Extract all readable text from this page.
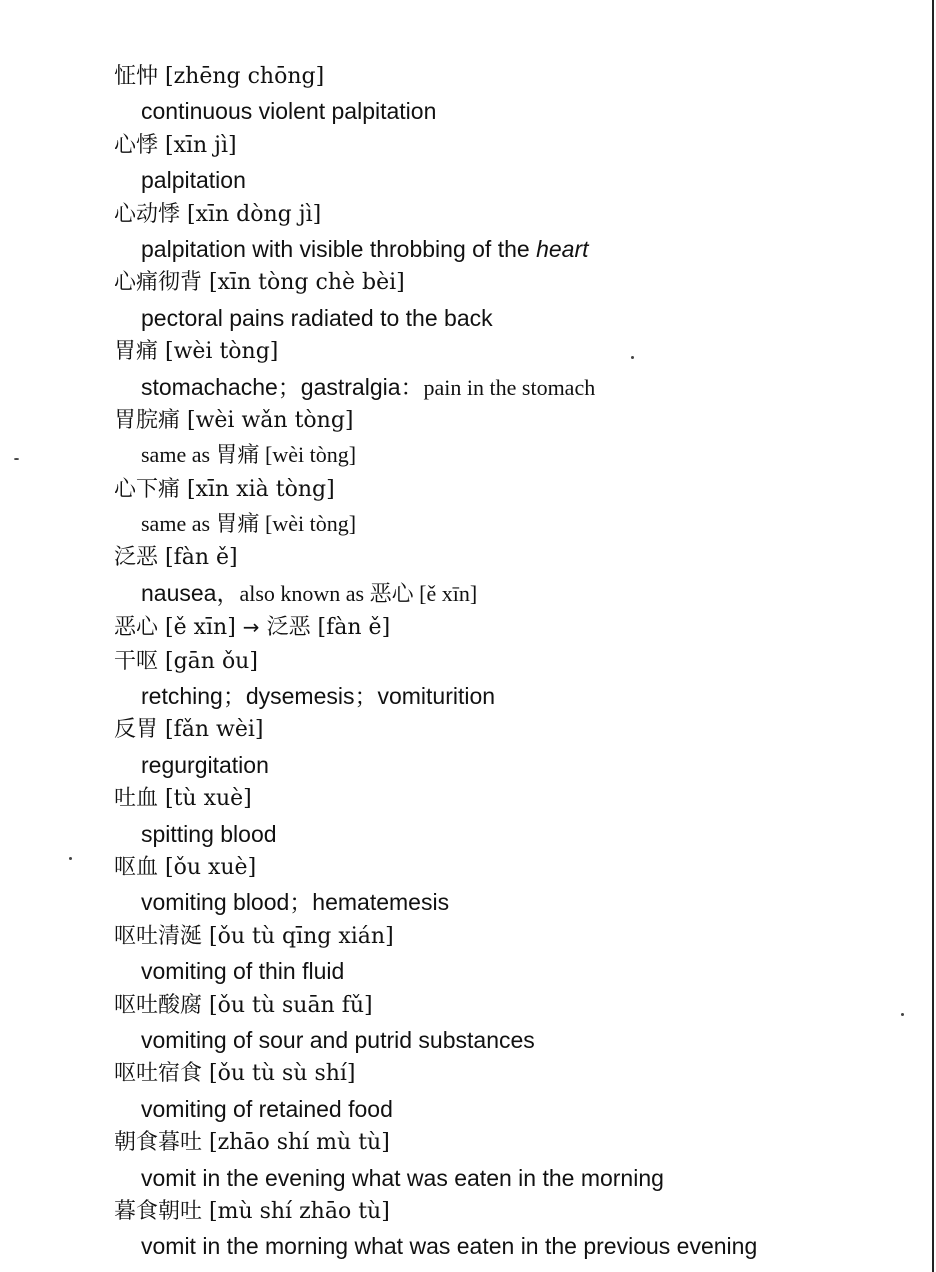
怔忡 [zhēng chōng]
continuous violent palpitation
心悸 [xīn jì]
palpitation
心动悸 [xīn dòng jì]
palpitation with visible throbbing of the heart
心痛彻背 [xīn tòng chè bèi]
pectoral pains radiated to the back
胃痛 [wèi tòng]
stomachache；gastralgia：pain in the stomach
胃脘痛 [wèi wǎn tòng]
same as 胃痛 [wèi tòng]
心下痛 [xīn xià tòng]
same as 胃痛 [wèi tòng]
泛恶 [fàn ě]
nausea，also known as 恶心 [ě xīn]
恶心 [ě xīn] → 泛恶 [fàn ě]
干呕 [gān ǒu]
retching；dysemesis；vomiturition
反胃 [fǎn wèi]
regurgitation
吐血 [tù xuè]
spitting blood
呕血 [ǒu xuè]
vomiting blood；hematemesis
呕吐清涎 [ǒu tù qīng xián]
vomiting of thin fluid
呕吐酸腐 [ǒu tù suān fǔ]
vomiting of sour and putrid substances
呕吐宿食 [ǒu tù sù shí]
vomiting of retained food
朝食暮吐 [zhāo shí mù tù]
vomit in the evening what was eaten in the morning
暮食朝吐 [mù shí zhāo tù]
vomit in the morning what was eaten in the previous evening
